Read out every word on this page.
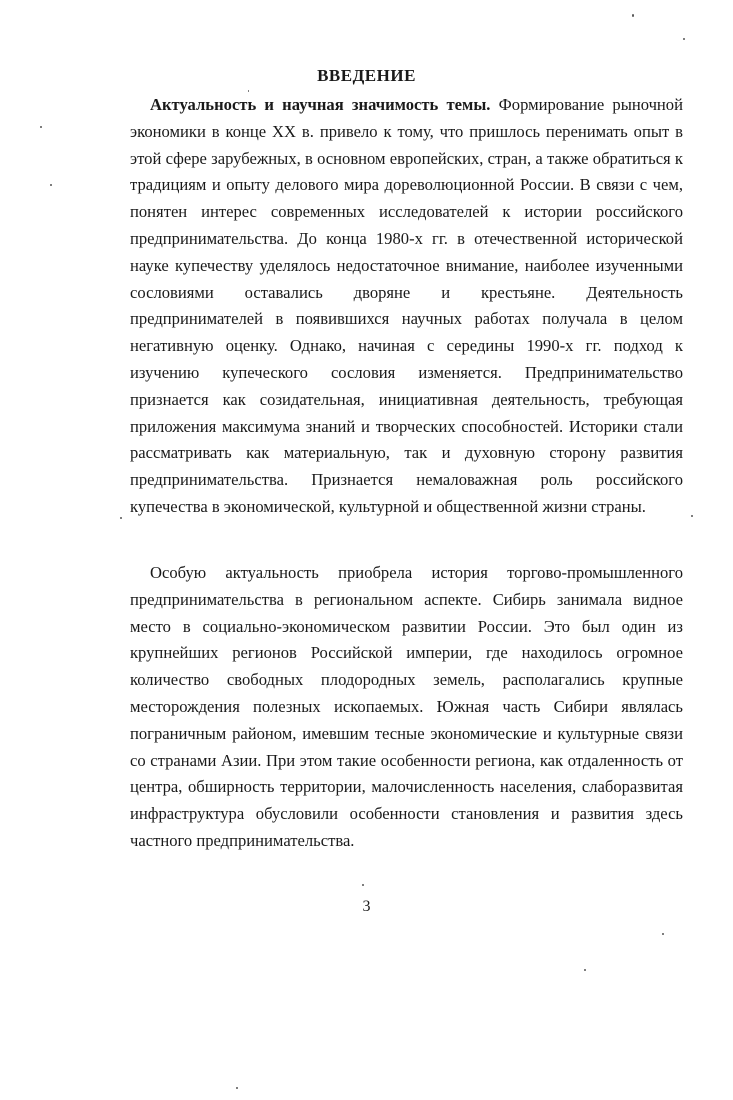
ВВЕДЕНИЕ

Актуальность и научная значимость темы. Формирование рыночной экономики в конце XX в. привело к тому, что пришлось перенимать опыт в этой сфере зарубежных, в основном европейских, стран, а также обратиться к традициям и опыту делового мира дореволюционной России. В связи с чем, понятен интерес современных исследователей к истории российского предпринимательства. До конца 1980-х гг. в отечественной исторической науке купечеству уделялось недостаточное внимание, наиболее изученными сословиями оставались дворяне и крестьяне. Деятельность предпринимателей в появившихся научных работах получала в целом негативную оценку. Однако, начиная с середины 1990-х гг. подход к изучению купеческого сословия изменяется. Предпринимательство признается как созидательная, инициативная деятельность, требующая приложения максимума знаний и творческих способностей. Историки стали рассматривать как материальную, так и духовную сторону развития предпринимательства. Признается немаловажная роль российского купечества в экономической, культурной и общественной жизни страны.

Особую актуальность приобрела история торгово-промышленного предпринимательства в региональном аспекте. Сибирь занимала видное место в социально-экономическом развитии России. Это был один из крупнейших регионов Российской империи, где находилось огромное количество свободных плодородных земель, располагались крупные месторождения полезных ископаемых. Южная часть Сибири являлась пограничным районом, имевшим тесные экономические и культурные связи со странами Азии. При этом такие особенности региона, как отдаленность от центра, обширность территории, малочисленность населения, слаборазвитая инфраструктура обусловили особенности становления и развития здесь частного предпринимательства.

3
